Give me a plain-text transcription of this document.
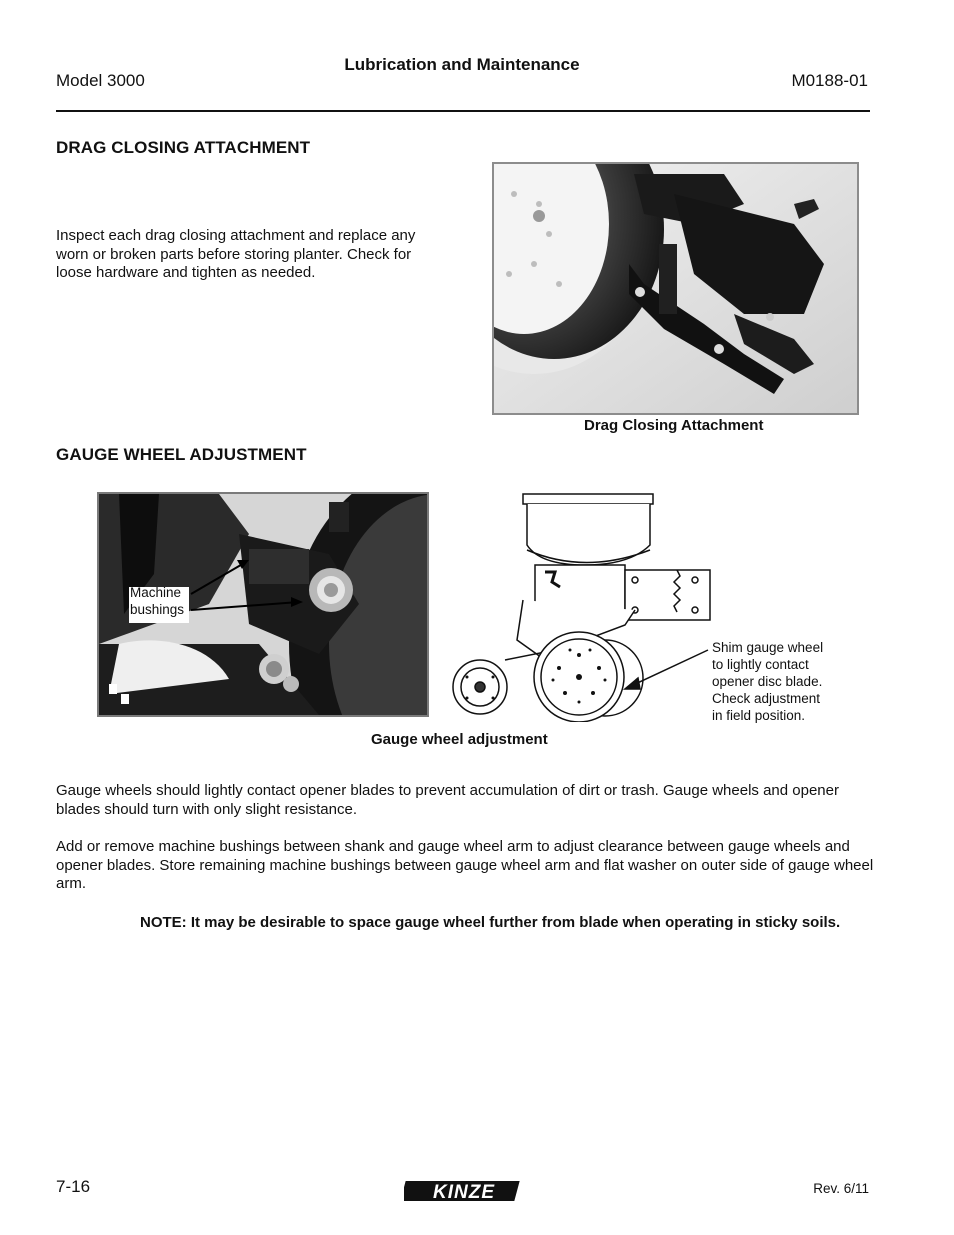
Model 3000
Lubrication and Maintenance
M0188-01
DRAG CLOSING ATTACHMENT
Inspect each drag closing attachment and replace any worn or broken parts before storing planter. Check for loose hardware and tighten as needed.
Drag Closing Attachment
GAUGE WHEEL ADJUSTMENT
Machine
bushings
Shim gauge wheel
to lightly contact
opener disc blade.
Check adjustment
in field position.
Gauge wheel adjustment
Gauge wheels should lightly contact opener blades to prevent accumulation of dirt or trash. Gauge wheels and opener blades should turn with only slight resistance.
Add or remove machine bushings between shank and gauge wheel arm to adjust clearance between gauge wheels and opener blades. Store remaining machine bushings between gauge wheel arm and flat washer on outer side of gauge wheel arm.
NOTE: It may be desirable to space gauge wheel further from blade when operating in sticky soils.
7-16	KINZE	Rev. 6/11
